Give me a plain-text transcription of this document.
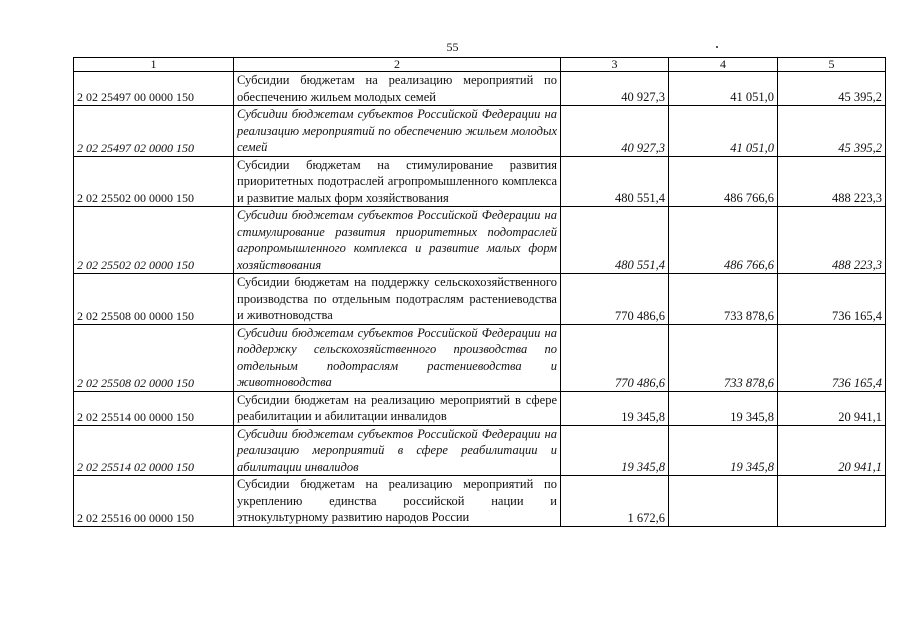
55
1	2	3	4	5
2 02 25497 00 0000 150	Субсидии бюджетам на реализацию мероприятий по обеспечению жильем молодых семей	40 927,3	41 051,0	45 395,2
2 02 25497 02 0000 150	Субсидии бюджетам субъектов Российской Федерации на реализацию мероприятий по обеспечению жильем молодых семей	40 927,3	41 051,0	45 395,2
2 02 25502 00 0000 150	Субсидии бюджетам на стимулирование развития приоритетных подотраслей агропромышленного комплекса и развитие малых форм хозяйствования	480 551,4	486 766,6	488 223,3
2 02 25502 02 0000 150	Субсидии бюджетам субъектов Российской Федерации на стимулирование развития приоритетных подотраслей агропромышленного комплекса и развитие малых форм хозяйствования	480 551,4	486 766,6	488 223,3
2 02 25508 00 0000 150	Субсидии бюджетам на поддержку сельскохозяйственного производства по отдельным подотраслям растениеводства и животноводства	770 486,6	733 878,6	736 165,4
2 02 25508 02 0000 150	Субсидии бюджетам субъектов Российской Федерации на поддержку сельскохозяйственного производства по отдельным подотраслям растениеводства и животноводства	770 486,6	733 878,6	736 165,4
2 02 25514 00 0000 150	Субсидии бюджетам на реализацию мероприятий в сфере реабилитации и абилитации инвалидов	19 345,8	19 345,8	20 941,1
2 02 25514 02 0000 150	Субсидии бюджетам субъектов Российской Федерации на реализацию мероприятий в сфере реабилитации и абилитации инвалидов	19 345,8	19 345,8	20 941,1
2 02 25516 00 0000 150	Субсидии бюджетам на реализацию мероприятий по укреплению единства российской нации и этнокультурному развитию народов России	1 672,6		
